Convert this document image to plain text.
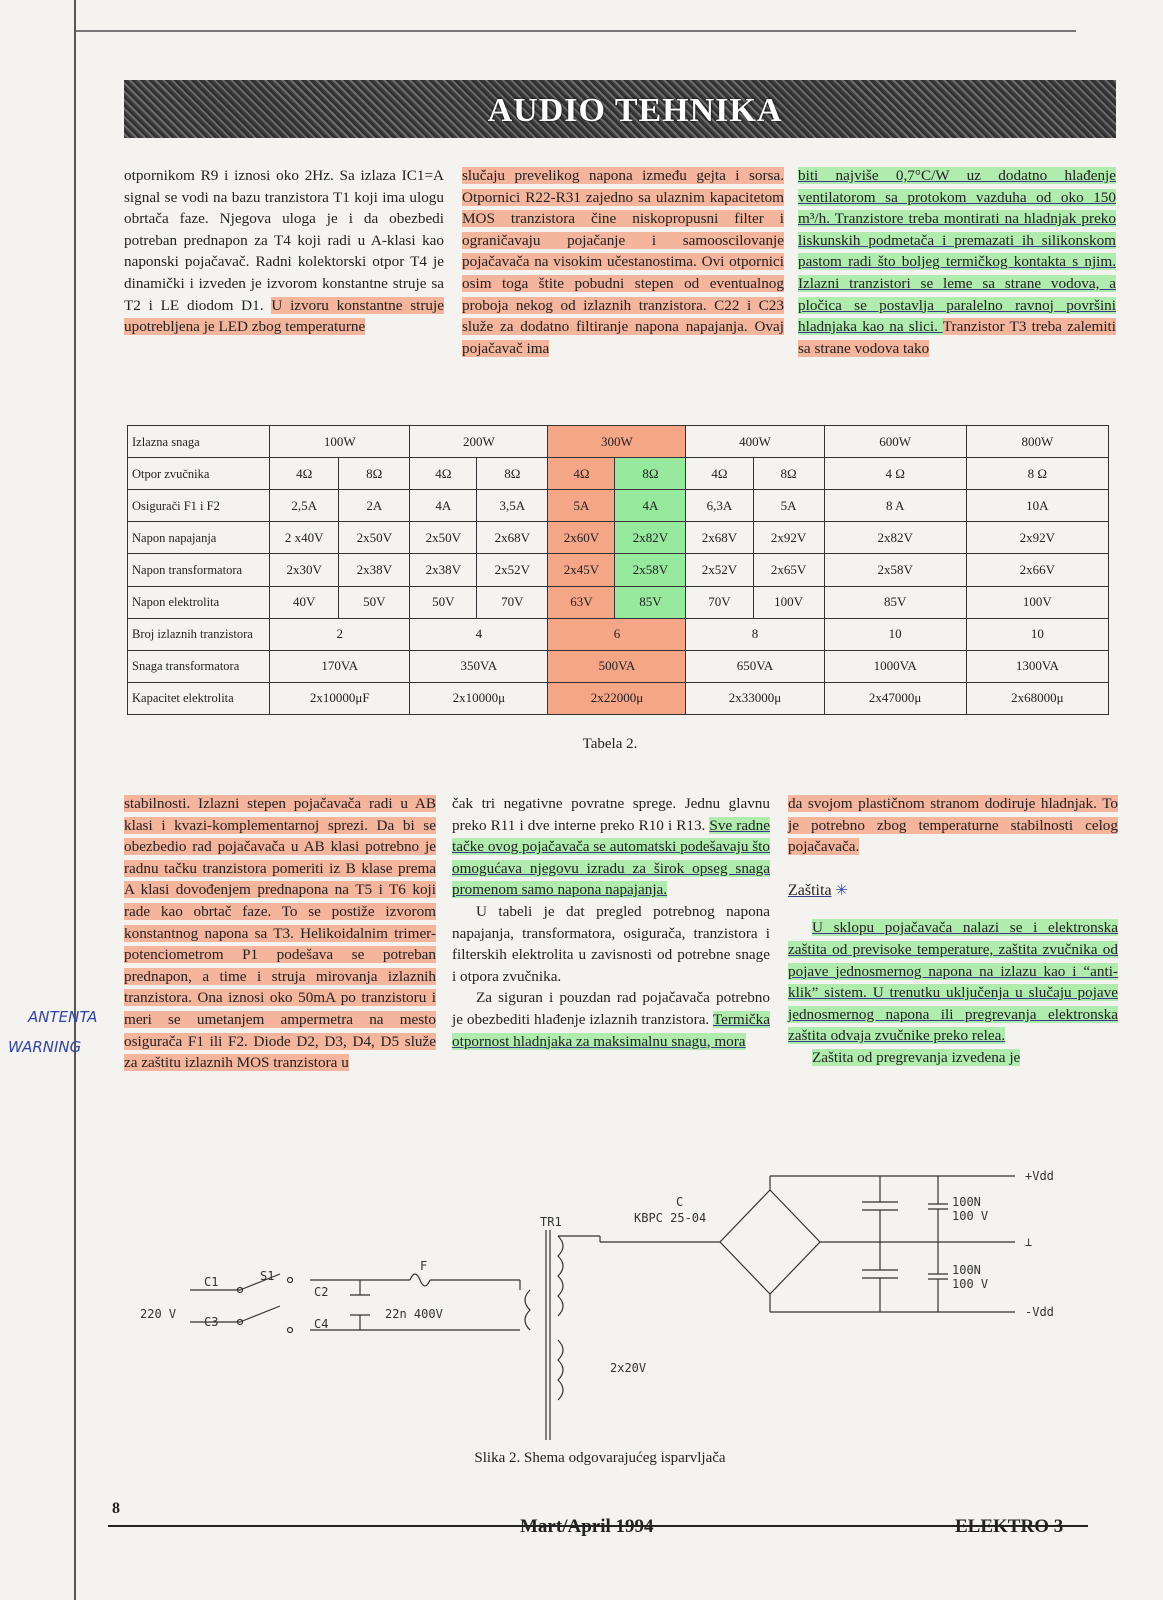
AUDIO TEHNIKA

otpornikom R9 i iznosi oko 2Hz. Sa izlaza IC1=A signal se vodi na bazu tranzistora T1 koji ima ulogu obrtača faze. Njegova uloga je i da obezbedi potreban prednapon za T4 koji radi u A-klasi kao naponski pojačavač. Radni kolektorski otpor T4 je dinamički i izveden je izvorom konstantne struje sa T2 i LE diodom D1. U izvoru konstantne struje upotrebljena je LED zbog temperaturne

slučaju prevelikog napona između gejta i sorsa. Otpornici R22-R31 zajedno sa ulaznim kapacitetom MOS tranzistora čine niskopropusni filter i ograničavaju pojačanje i samooscilovanje pojačavača na visokim učestanostima. Ovi otpornici osim toga štite pobudni stepen od eventualnog proboja nekog od izlaznih tranzistora. C22 i C23 služe za dodatno filtiranje napona napajanja. Ovaj pojačavač ima

biti najviše 0,7°C/W uz dodatno hlađenje ventilatorom sa protokom vazduha od oko 150 m³/h. Tranzistore treba montirati na hladnjak preko liskunskih podmetača i premazati ih silikonskom pastom radi što boljeg termičkog kontakta s njim. Izlazni tranzistori se leme sa strane vodova, a pločica se postavlja paralelno ravnoj površini hladnjaka kao na slici. Tranzistor T3 treba zalemiti sa strane vodova tako

Izlazna snaga	100W		200W		300W		400W		600W	800W
Otpor zvučnika	4Ω	8Ω	4Ω	8Ω	4Ω	8Ω	4Ω	8Ω	4 Ω	8 Ω
Osigurači F1 i F2	2,5A	2A	4A	3,5A	5A	4A	6,3A	5A	8 A	10A
Napon napajanja	2 x40V	2x50V	2x50V	2x68V	2x60V	2x82V	2x68V	2x92V	2x82V	2x92V
Napon transformatora	2x30V	2x38V	2x38V	2x52V	2x45V	2x58V	2x52V	2x65V	2x58V	2x66V
Napon elektrolita	40V	50V	50V	70V	63V	85V	70V	100V	85V	100V
Broj izlaznih tranzistora	2		4		6		8		10	10
Snaga transformatora	170VA		350VA		500VA		650VA		1000VA	1300VA
Kapacitet elektrolita	2x10000μF		2x10000μ		2x22000μ		2x33000μ		2x47000μ	2x68000μ
Tabela 2.

stabilnosti. Izlazni stepen pojačavača radi u AB klasi i kvazi-komplementarnoj sprezi. Da bi se obezbedio rad pojačavača u AB klasi potrebno je radnu tačku tranzistora pomeriti iz B klase prema A klasi dovođenjem prednapona na T5 i T6 koji rade kao obrtač faze. To se postiže izvorom konstantnog napona sa T3. Helikoidalnim trimer-potenciometrom P1 podešava se potreban prednapon, a time i struja mirovanja izlaznih tranzistora. Ona iznosi oko 50mA po tranzistoru i meri se umetanjem ampermetra na mesto osigurača F1 ili F2. Diode D2, D3, D4, D5 služe za zaštitu izlaznih MOS tranzistora u

čak tri negativne povratne sprege. Jednu glavnu preko R11 i dve interne preko R10 i R13. Sve radne tačke ovog pojačavača se automatski podešavaju što omogućava njegovu izradu za širok opseg snaga promenom samo napona napajanja.

U tabeli je dat pregled potrebnog napona napajanja, transformatora, osigurača, tranzistora i filterskih elektrolita u zavisnosti od potrebne snage i otpora zvučnika.

Za siguran i pouzdan rad pojačavača potrebno je obezbediti hlađenje izlaznih tranzistora. Termička otpornost hladnjaka za maksimalnu snagu, mora

da svojom plastičnom stranom dodiruje hladnjak. To je potrebno zbog temperaturne stabilnosti celog pojačavača.

Zaštita ✳

U sklopu pojačavača nalazi se i elektronska zaštita od previsoke temperature, zaštita zvučnika od pojave jednosmernog napona na izlazu kao i “anti-klik” sistem. U trenutku uključenja u slučaju pojave jednosmernog napona ili pregrevanja elektronska zaštita odvaja zvučnike preko relea.

Zaštita od pregrevanja izvedena je

ANTENTA
WARNING
+Vdd
⊥
-Vdd
C
KBPC 25-04
TR1
100N
100 V
100N
100 V
220 V
S1
F
C1
C2
C3	C4
22n 400V
2x20V
Slika 2. Shema odgovarajućeg isparvljača
8
Mart/April 1994	ELEKTRO 3
